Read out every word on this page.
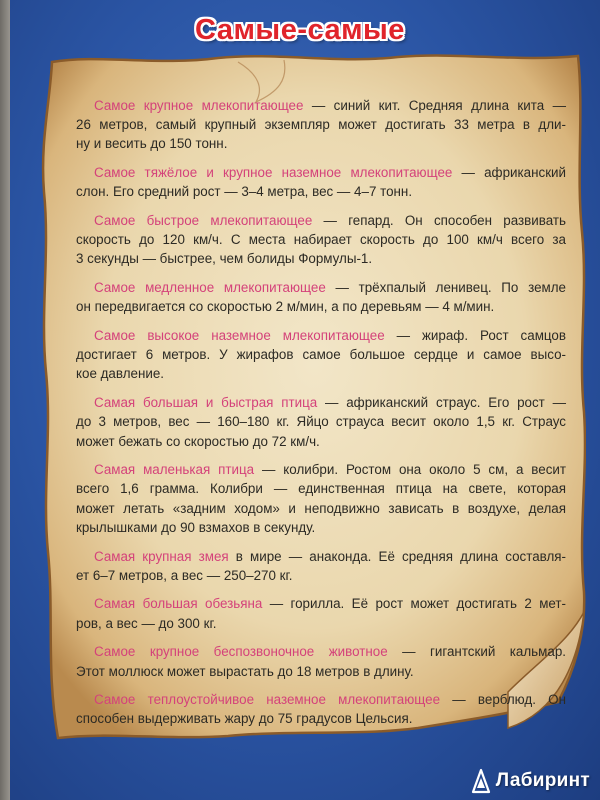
Самые-самые
Самое крупное млекопитающее — синий кит. Средняя длина кита —
26 метров, самый крупный экземпляр может достигать 33 метра в дли-
ну и весить до 150 тонн.
Самое тяжёлое и крупное наземное млекопитающее — африканский
слон. Его средний рост — 3–4 метра, вес — 4–7 тонн.
Самое быстрое млекопитающее — гепард. Он способен развивать
скорость до 120 км/ч. С места набирает скорость до 100 км/ч всего за
3 секунды — быстрее, чем болиды Формулы-1.
Самое медленное млекопитающее — трёхпалый ленивец. По земле
он передвигается со скоростью 2 м/мин, а по деревьям — 4 м/мин.
Самое высокое наземное млекопитающее — жираф. Рост самцов
достигает 6 метров. У жирафов самое большое сердце и самое высо-
кое давление.
Самая большая и быстрая птица — африканский страус. Его рост —
до 3 метров, вес — 160–180 кг. Яйцо страуса весит около 1,5 кг. Страус
может бежать со скоростью до 72 км/ч.
Самая маленькая птица — колибри. Ростом она около 5 см, а весит
всего 1,6 грамма. Колибри — единственная птица на свете, которая
может летать «задним ходом» и неподвижно зависать в воздухе, делая
крылышками до 90 взмахов в секунду.
Самая крупная змея в мире — анаконда. Её средняя длина составля-
ет 6–7 метров, а вес — 250–270 кг.
Самая большая обезьяна — горилла. Её рост может достигать 2 мет-
ров, а вес — до 300 кг.
Самое крупное беспозвоночное животное — гигантский кальмар.
Этот моллюск может вырастать до 18 метров в длину.
Самое теплоустойчивое наземное млекопитающее — верблюд. Он
способен выдерживать жару до 75 градусов Цельсия.
Лабиринт
